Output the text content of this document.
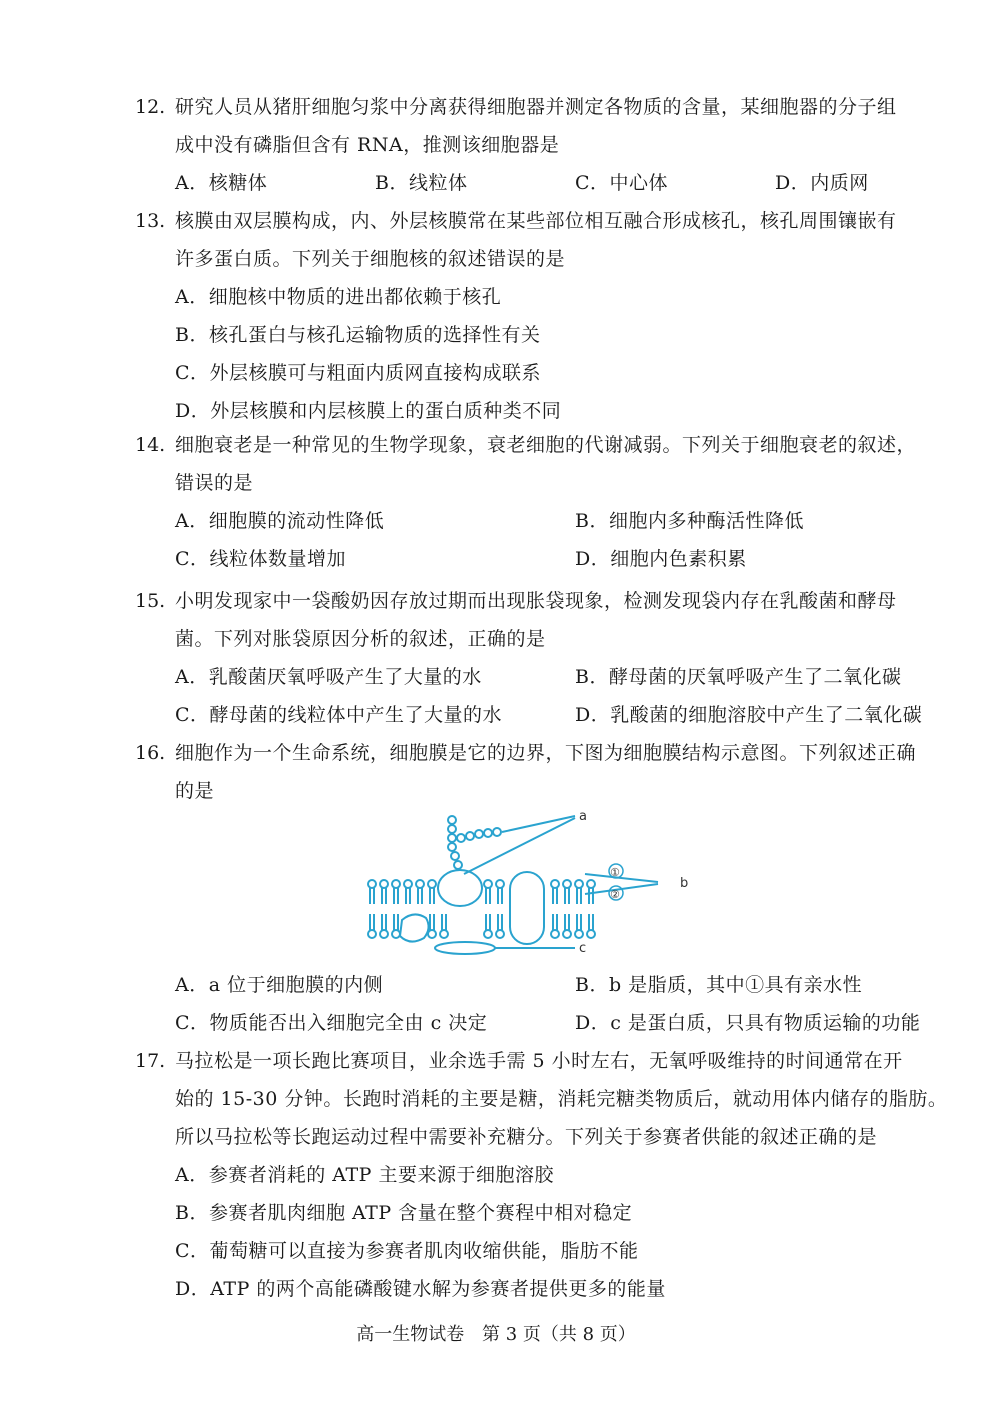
12. 研究人员从猪肝细胞匀浆中分离获得细胞器并测定各物质的含量，某细胞器的分子组
成中没有磷脂但含有 RNA，推测该细胞器是
A．核糖体	B．线粒体	C．中心体	D．内质网
13. 核膜由双层膜构成，内、外层核膜常在某些部位相互融合形成核孔，核孔周围镶嵌有
许多蛋白质。下列关于细胞核的叙述错误的是
A．细胞核中物质的进出都依赖于核孔
B．核孔蛋白与核孔运输物质的选择性有关
C．外层核膜可与粗面内质网直接构成联系
D．外层核膜和内层核膜上的蛋白质种类不同
14. 细胞衰老是一种常见的生物学现象，衰老细胞的代谢减弱。下列关于细胞衰老的叙述，
错误的是
A．细胞膜的流动性降低	B．细胞内多种酶活性降低
C．线粒体数量增加	D．细胞内色素积累
15. 小明发现家中一袋酸奶因存放过期而出现胀袋现象，检测发现袋内存在乳酸菌和酵母
菌。下列对胀袋原因分析的叙述，正确的是
A．乳酸菌厌氧呼吸产生了大量的水	B．酵母菌的厌氧呼吸产生了二氧化碳
C．酵母菌的线粒体中产生了大量的水	D．乳酸菌的细胞溶胶中产生了二氧化碳
16. 细胞作为一个生命系统，细胞膜是它的边界，下图为细胞膜结构示意图。下列叙述正确
的是
a
①
②
b
c
A．a 位于细胞膜的内侧	B．b 是脂质，其中①具有亲水性
C．物质能否出入细胞完全由 c 决定	D．c 是蛋白质，只具有物质运输的功能
17. 马拉松是一项长跑比赛项目，业余选手需 5 小时左右，无氧呼吸维持的时间通常在开
始的 15-30 分钟。长跑时消耗的主要是糖，消耗完糖类物质后，就动用体内储存的脂肪。
所以马拉松等长跑运动过程中需要补充糖分。下列关于参赛者供能的叙述正确的是
A．参赛者消耗的 ATP 主要来源于细胞溶胶
B．参赛者肌肉细胞 ATP 含量在整个赛程中相对稳定
C．葡萄糖可以直接为参赛者肌肉收缩供能，脂肪不能
D．ATP 的两个高能磷酸键水解为参赛者提供更多的能量
高一生物试卷 第 3 页（共 8 页）
